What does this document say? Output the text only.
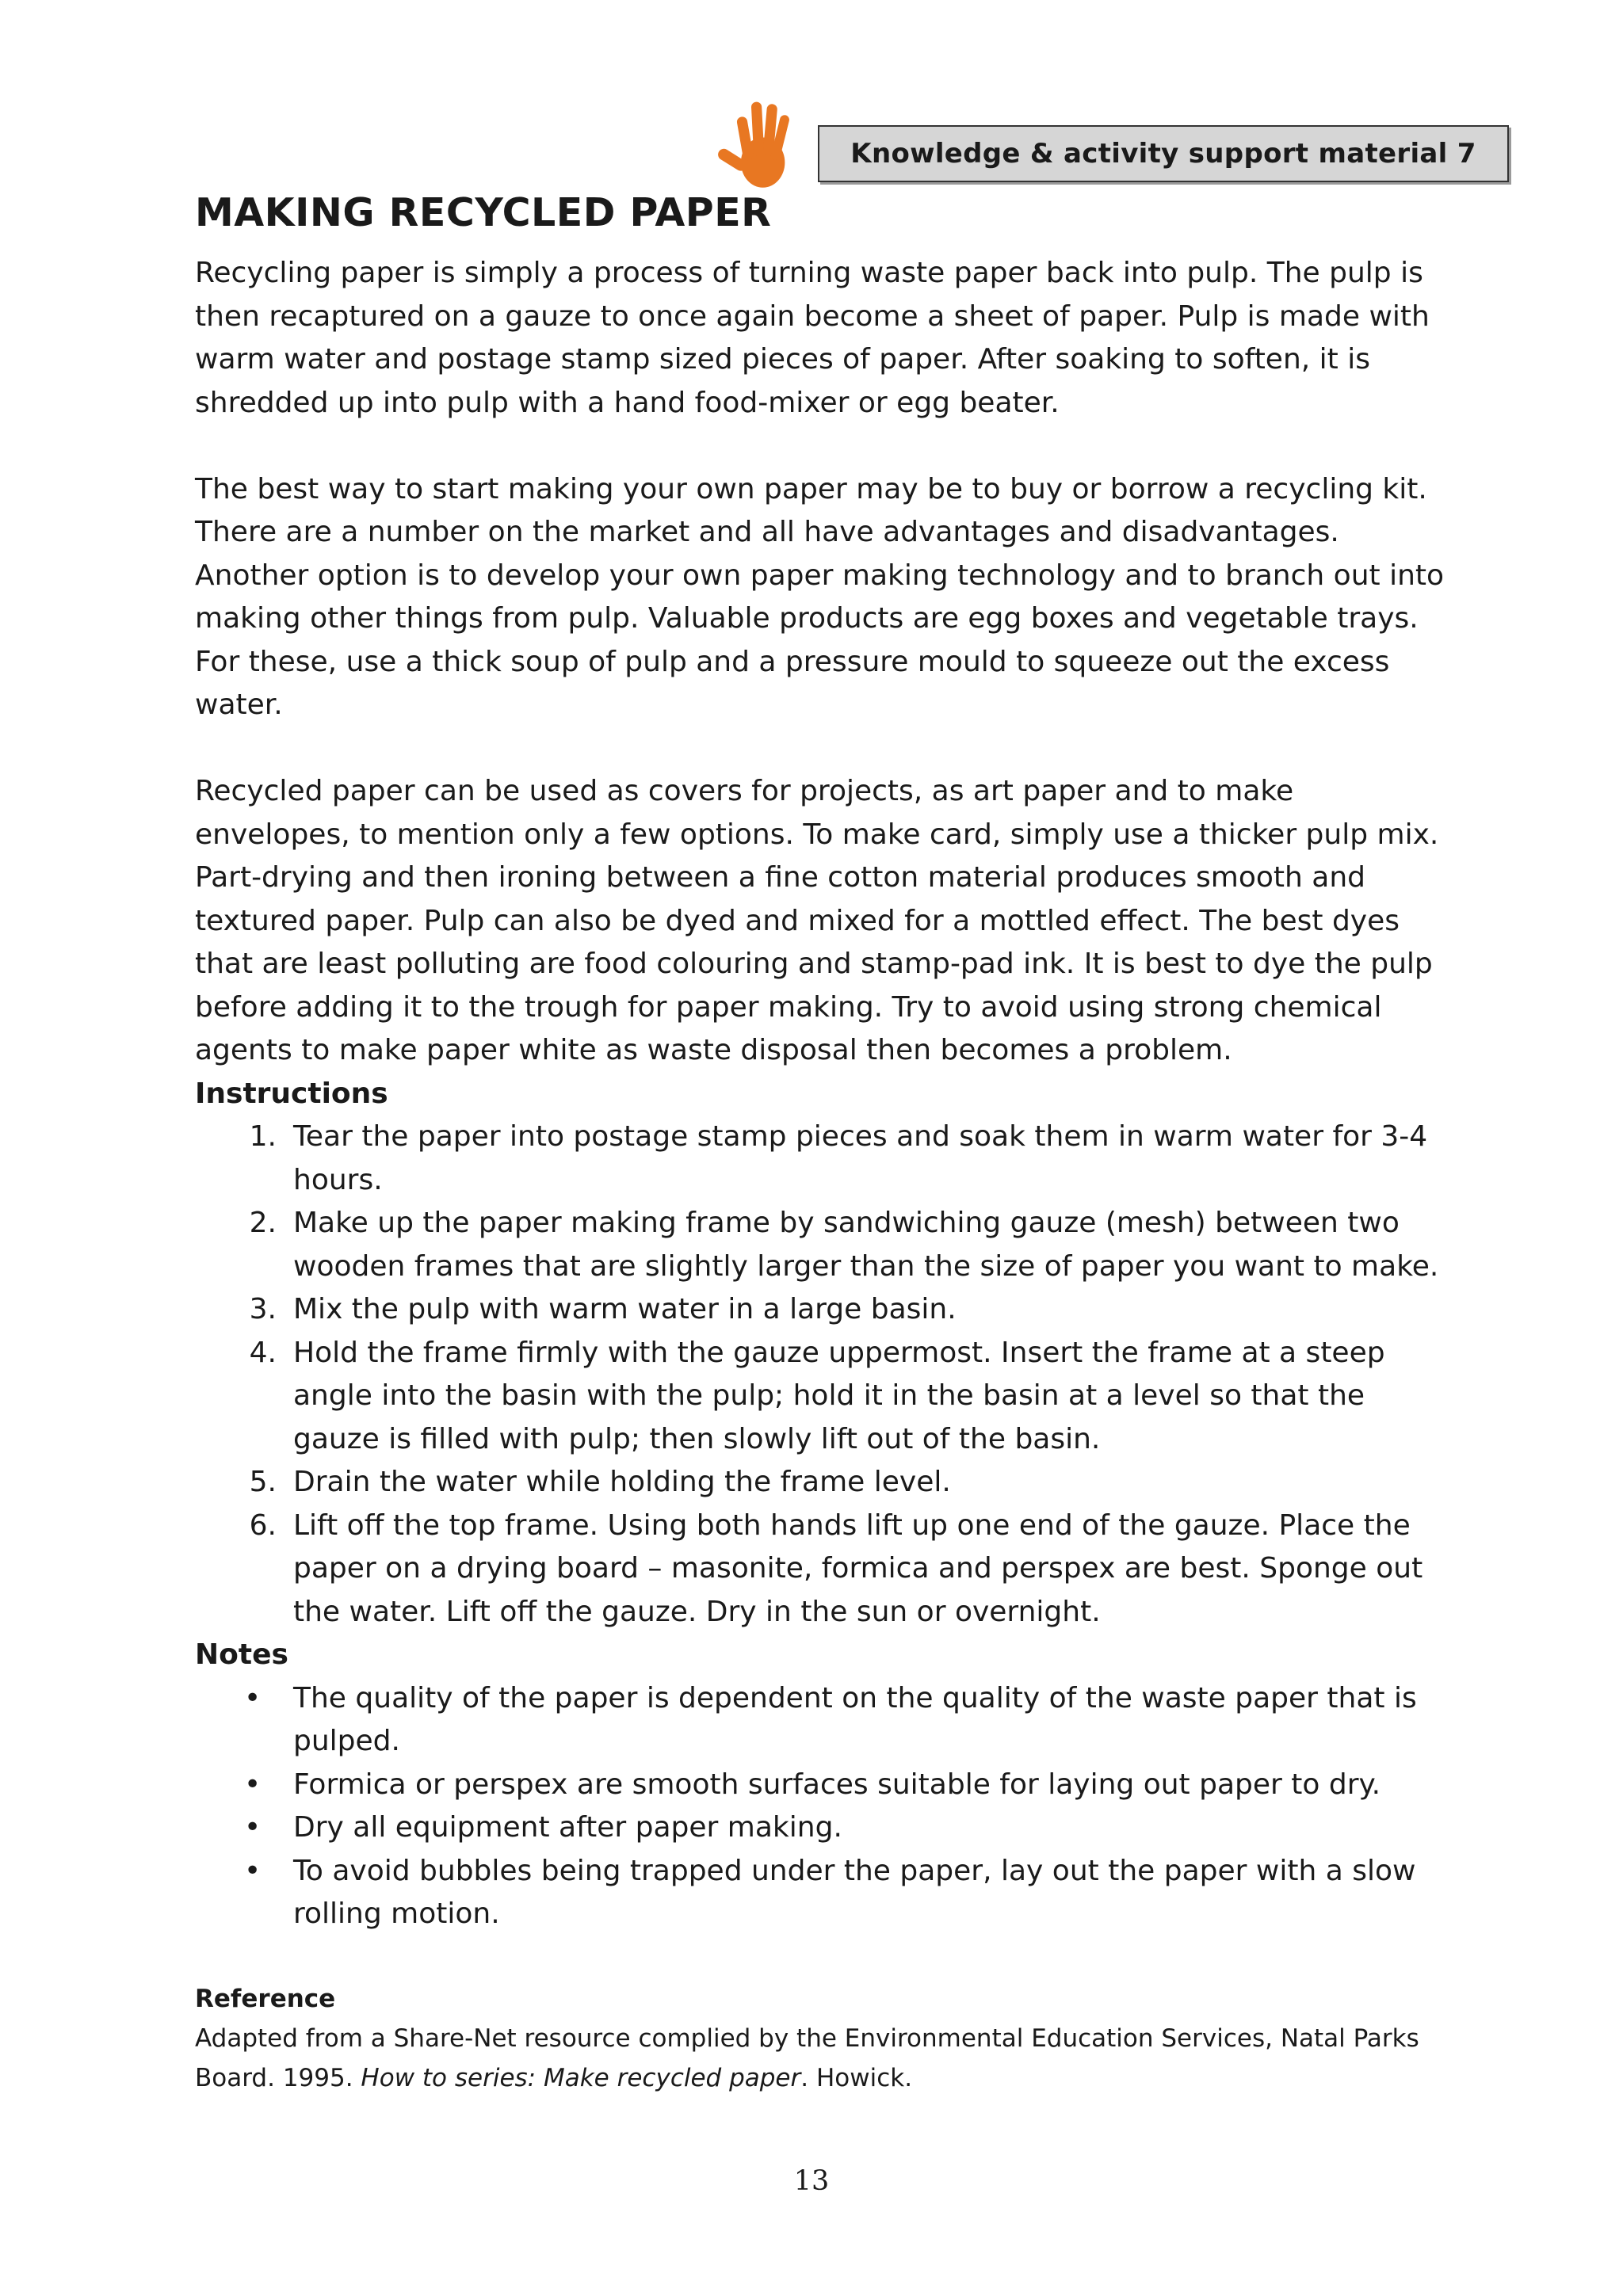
Knowledge & activity support material 7
MAKING RECYCLED PAPER

Recycling paper is simply a process of turning waste paper back into pulp. The pulp is then recaptured on a gauze to once again become a sheet of paper. Pulp is made with warm water and postage stamp sized pieces of paper. After soaking to soften, it is shredded up into pulp with a hand food-mixer or egg beater.

The best way to start making your own paper may be to buy or borrow a recycling kit. There are a number on the market and all have advantages and disadvantages. Another option is to develop your own paper making technology and to branch out into making other things from pulp. Valuable products are egg boxes and vegetable trays. For these, use a thick soup of pulp and a pressure mould to squeeze out the excess water.

Recycled paper can be used as covers for projects, as art paper and to make envelopes, to mention only a few options. To make card, simply use a thicker pulp mix. Part-drying and then ironing between a fine cotton material produces smooth and textured paper. Pulp can also be dyed and mixed for a mottled effect. The best dyes that are least polluting are food colouring and stamp-pad ink. It is best to dye the pulp before adding it to the trough for paper making. Try to avoid using strong chemical agents to make paper white as waste disposal then becomes a problem.

Instructions

1. Tear the paper into postage stamp pieces and soak them in warm water for 3-4 hours.
2. Make up the paper making frame by sandwiching gauze (mesh) between two wooden frames that are slightly larger than the size of paper you want to make.
3. Mix the pulp with warm water in a large basin.
4. Hold the frame firmly with the gauze uppermost. Insert the frame at a steep angle into the basin with the pulp; hold it in the basin at a level so that the gauze is filled with pulp; then slowly lift out of the basin.
5. Drain the water while holding the frame level.
6. Lift off the top frame. Using both hands lift up one end of the gauze. Place the paper on a drying board – masonite, formica and perspex are best. Sponge out the water. Lift off the gauze. Dry in the sun or overnight.

Notes

• The quality of the paper is dependent on the quality of the waste paper that is pulped.
• Formica or perspex are smooth surfaces suitable for laying out paper to dry.
• Dry all equipment after paper making.
• To avoid bubbles being trapped under the paper, lay out the paper with a slow rolling motion.

Reference

Adapted from a Share-Net resource complied by the Environmental Education Services, Natal Parks Board. 1995. How to series: Make recycled paper. Howick.

13
